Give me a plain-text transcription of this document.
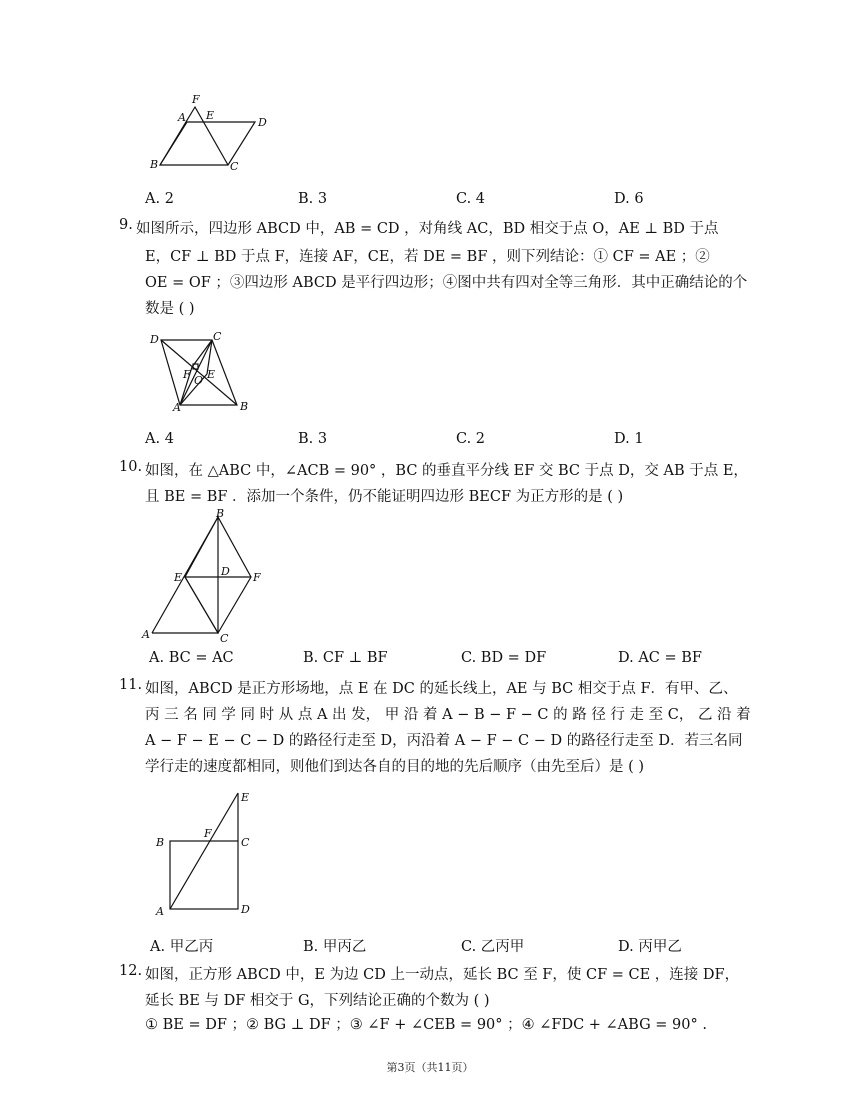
F
A E
D
B	C
A. 2	B. 3	C. 4	D. 6
9. 如图所示，四边形 ABCD 中，AB = CD ，对角线 AC，BD 相交于点 O，AE ⊥ BD 于点
E，CF ⊥ BD 于点 F，连接 AF，CE，若 DE = BF ，则下列结论：① CF = AE ；②
OE = OF ；③四边形 ABCD 是平行四边形；④图中共有四对全等三角形．其中正确结论的个
数是 ( )
D	C
F O E
A	B
A. 4	B. 3	C. 2	D. 1
10. 如图，在 △ABC 中，∠ACB = 90° ，BC 的垂直平分线 EF 交 BC 于点 D，交 AB 于点 E，
且 BE = BF ．添加一个条件，仍不能证明四边形 BECF 为正方形的是 ( )
B
E	D F
A	C
A. BC = AC	B. CF ⊥ BF	C. BD = DF	D. AC = BF
11. 如图，ABCD 是正方形场地，点 E 在 DC 的延长线上，AE 与 BC 相交于点 F．有甲、乙、
丙 三 名 同 学 同 时 从 点 A 出 发， 甲 沿 着 A − B − F − C 的 路 径 行 走 至 C， 乙 沿 着
A − F − E − C − D 的路径行走至 D，丙沿着 A − F − C − D 的路径行走至 D．若三名同
学行走的速度都相同，则他们到达各自的目的地的先后顺序（由先至后）是 ( )
E
B
F
C
A	D
A. 甲乙丙	B. 甲丙乙	C. 乙丙甲	D. 丙甲乙
12. 如图，正方形 ABCD 中，E 为边 CD 上一动点，延长 BC 至 F，使 CF = CE ，连接 DF，
延长 BE 与 DF 相交于 G，下列结论正确的个数为 ( )
① BE = DF ；② BG ⊥ DF ；③ ∠F + ∠CEB = 90° ；④ ∠FDC + ∠ABG = 90° .
第3页（共11页）
